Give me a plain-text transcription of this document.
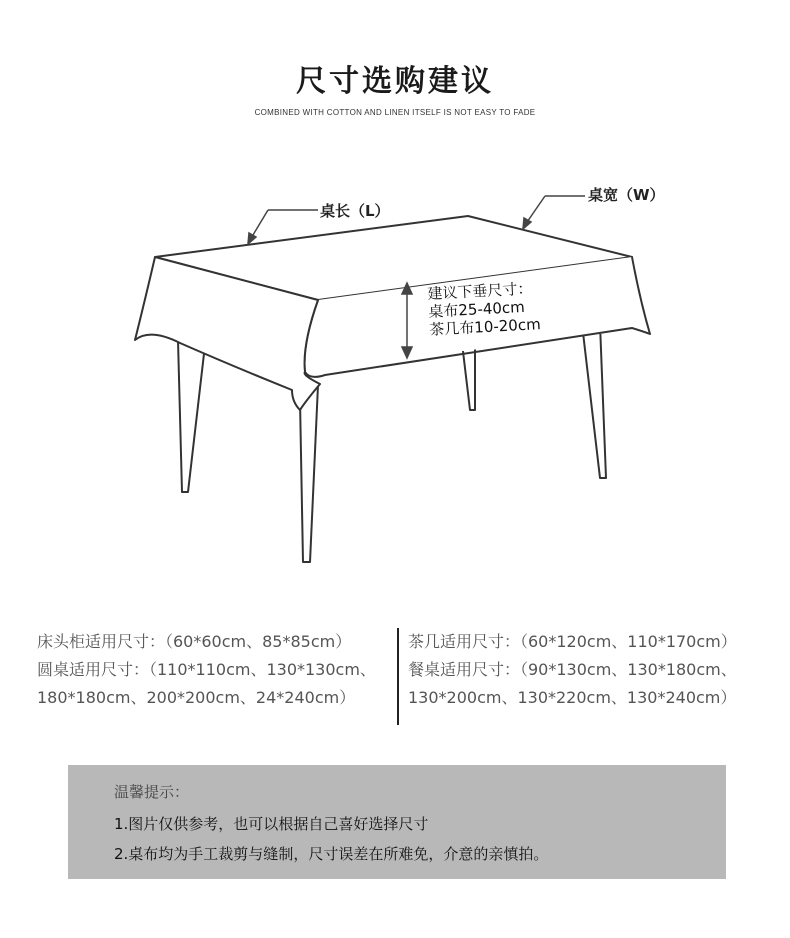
尺寸选购建议
COMBINED WITH COTTON AND LINEN ITSELF IS NOT EASY TO FADE
桌长（L）
桌宽（W）
建议下垂尺寸：
桌布25-40cm
茶几布10-20cm
床头柜适用尺寸：（60*60cm、85*85cm）
圆桌适用尺寸：（110*110cm、130*130cm、
180*180cm、200*200cm、24*240cm）
茶几适用尺寸：（60*120cm、110*170cm）
餐桌适用尺寸：（90*130cm、130*180cm、
130*200cm、130*220cm、130*240cm）
温馨提示：
1.图片仅供参考，也可以根据自己喜好选择尺寸
2.桌布均为手工裁剪与缝制，尺寸误差在所难免，介意的亲慎拍。
